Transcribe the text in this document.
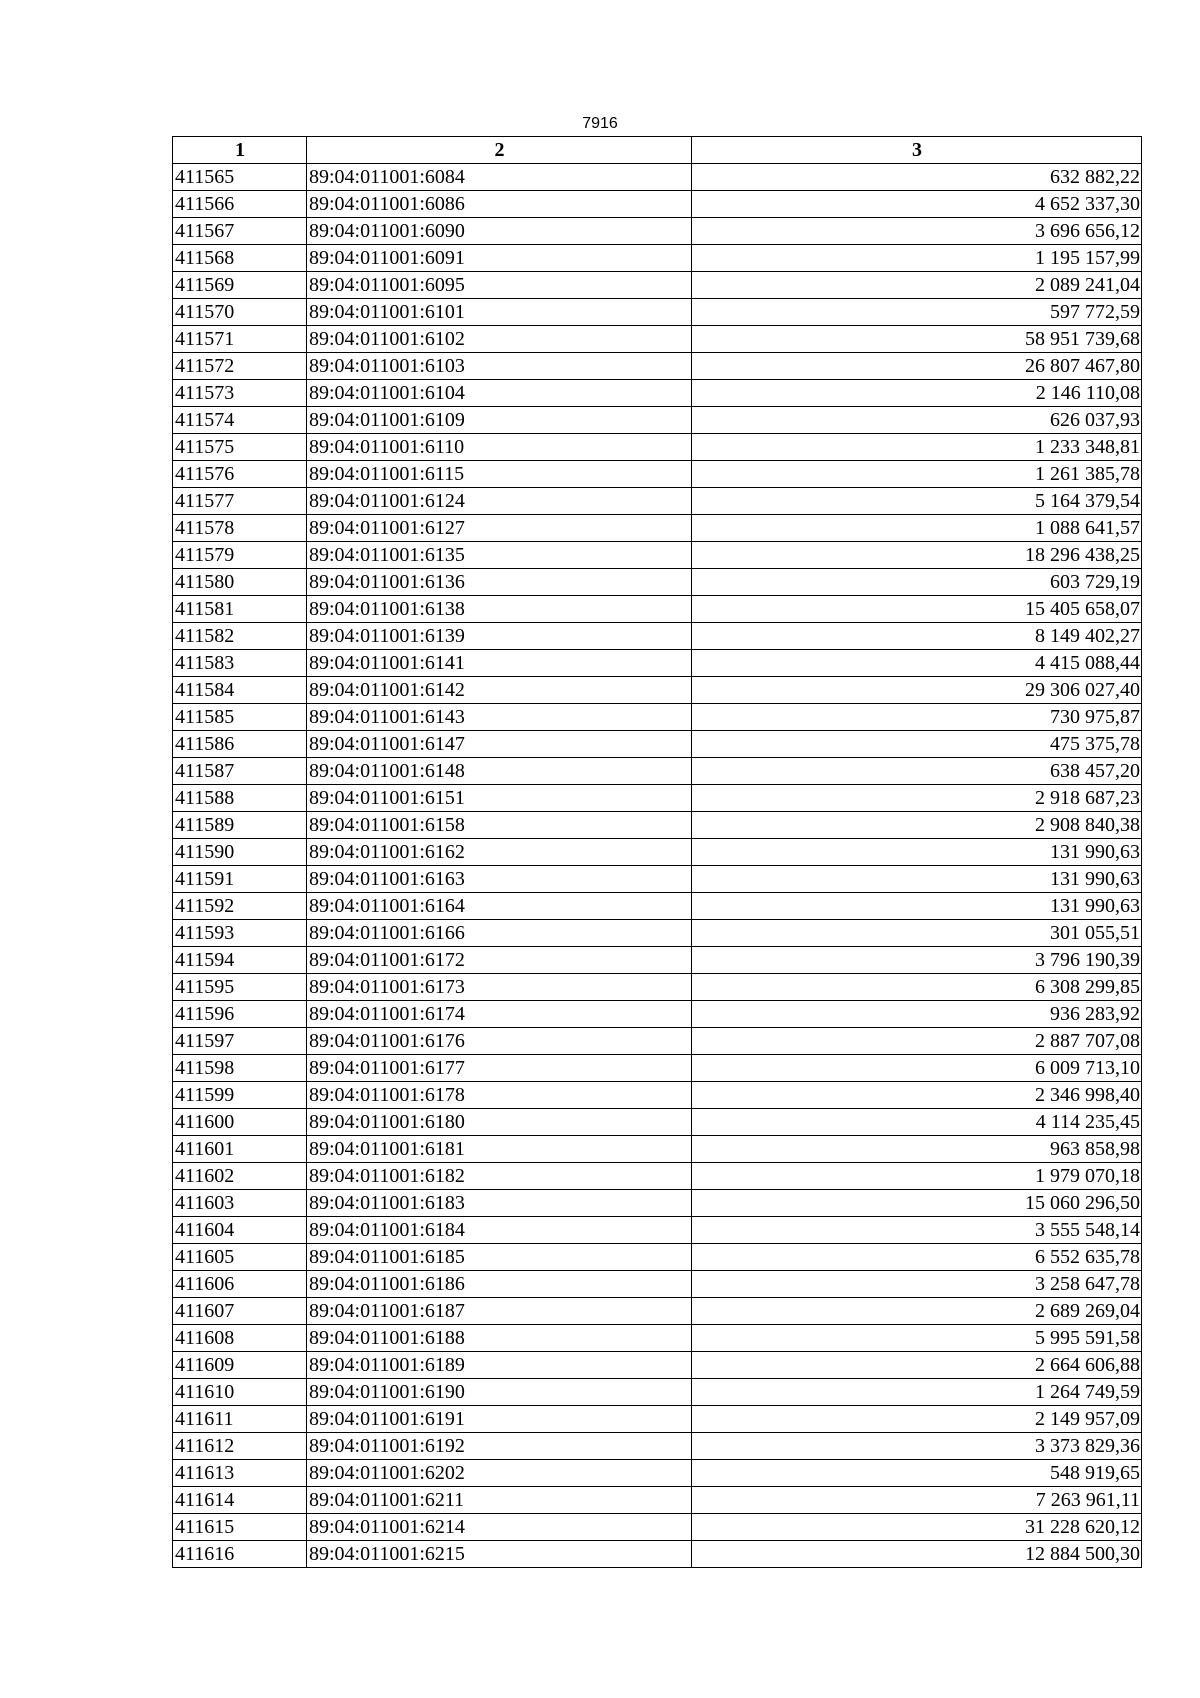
7916
1	2	3
411565	89:04:011001:6084	632 882,22
411566	89:04:011001:6086	4 652 337,30
411567	89:04:011001:6090	3 696 656,12
411568	89:04:011001:6091	1 195 157,99
411569	89:04:011001:6095	2 089 241,04
411570	89:04:011001:6101	597 772,59
411571	89:04:011001:6102	58 951 739,68
411572	89:04:011001:6103	26 807 467,80
411573	89:04:011001:6104	2 146 110,08
411574	89:04:011001:6109	626 037,93
411575	89:04:011001:6110	1 233 348,81
411576	89:04:011001:6115	1 261 385,78
411577	89:04:011001:6124	5 164 379,54
411578	89:04:011001:6127	1 088 641,57
411579	89:04:011001:6135	18 296 438,25
411580	89:04:011001:6136	603 729,19
411581	89:04:011001:6138	15 405 658,07
411582	89:04:011001:6139	8 149 402,27
411583	89:04:011001:6141	4 415 088,44
411584	89:04:011001:6142	29 306 027,40
411585	89:04:011001:6143	730 975,87
411586	89:04:011001:6147	475 375,78
411587	89:04:011001:6148	638 457,20
411588	89:04:011001:6151	2 918 687,23
411589	89:04:011001:6158	2 908 840,38
411590	89:04:011001:6162	131 990,63
411591	89:04:011001:6163	131 990,63
411592	89:04:011001:6164	131 990,63
411593	89:04:011001:6166	301 055,51
411594	89:04:011001:6172	3 796 190,39
411595	89:04:011001:6173	6 308 299,85
411596	89:04:011001:6174	936 283,92
411597	89:04:011001:6176	2 887 707,08
411598	89:04:011001:6177	6 009 713,10
411599	89:04:011001:6178	2 346 998,40
411600	89:04:011001:6180	4 114 235,45
411601	89:04:011001:6181	963 858,98
411602	89:04:011001:6182	1 979 070,18
411603	89:04:011001:6183	15 060 296,50
411604	89:04:011001:6184	3 555 548,14
411605	89:04:011001:6185	6 552 635,78
411606	89:04:011001:6186	3 258 647,78
411607	89:04:011001:6187	2 689 269,04
411608	89:04:011001:6188	5 995 591,58
411609	89:04:011001:6189	2 664 606,88
411610	89:04:011001:6190	1 264 749,59
411611	89:04:011001:6191	2 149 957,09
411612	89:04:011001:6192	3 373 829,36
411613	89:04:011001:6202	548 919,65
411614	89:04:011001:6211	7 263 961,11
411615	89:04:011001:6214	31 228 620,12
411616	89:04:011001:6215	12 884 500,30
